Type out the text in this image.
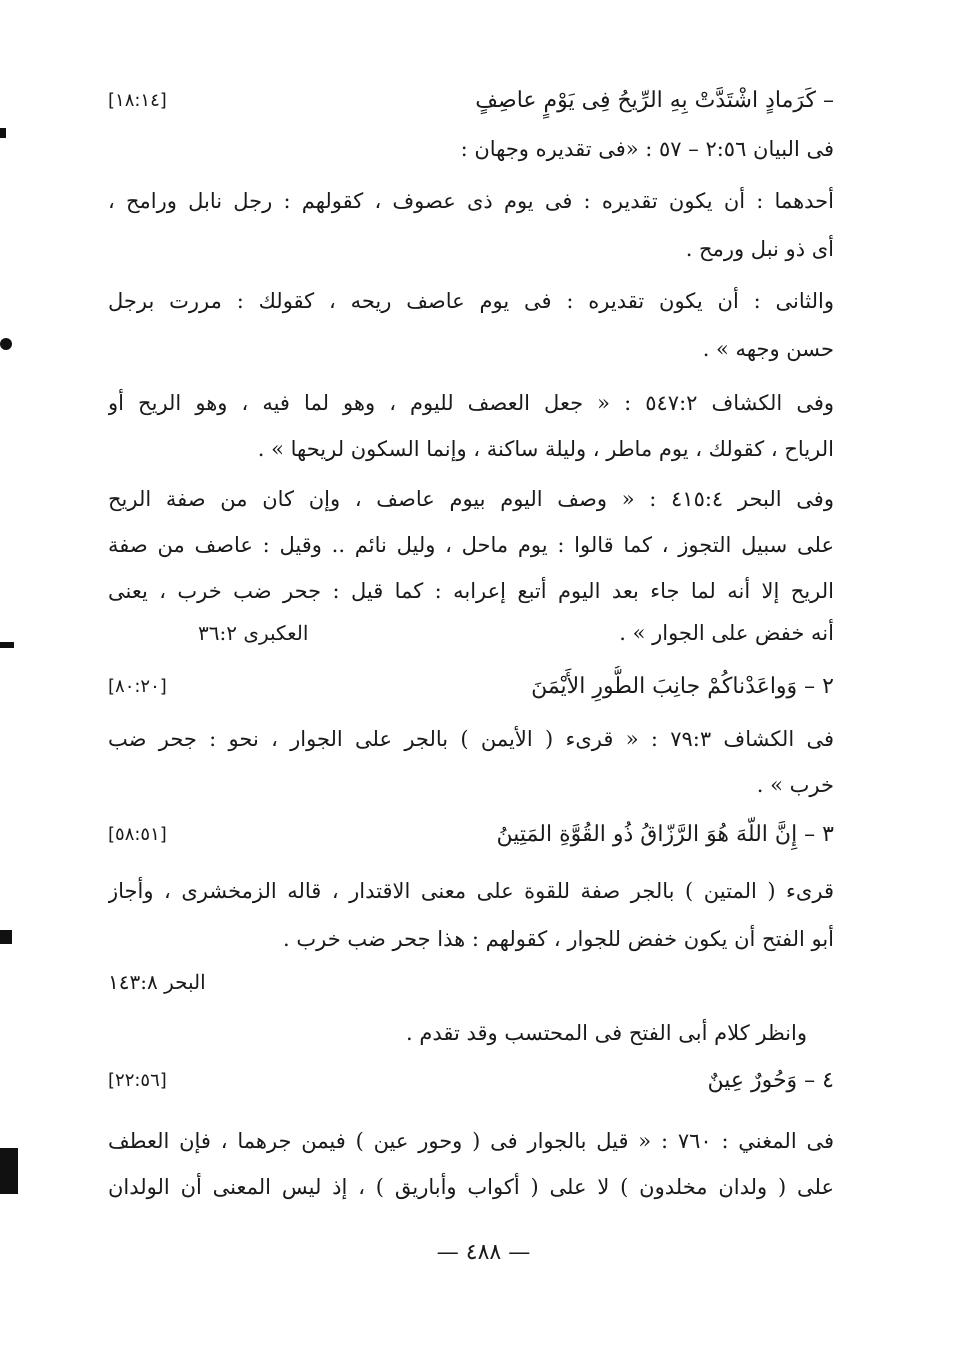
– كَرَمادٍ اشْتَدَّتْ بِهِ الرِّيحُ فِى يَوْمٍ عاصِفٍ
[١٨:١٤]
فى البيان ٢:٥٦ – ٥٧ : «فى تقديره وجهان :
أحدهما : أن يكون تقديره : فى يوم ذى عصوف ، كقولهم : رجل نابل ورامح ،
أى ذو نبل ورمح .
والثانى : أن يكون تقديره : فى يوم عاصف ريحه ، كقولك : مررت برجل
حسن وجهه » .
وفى الكشاف ٥٤٧:٢ : « جعل العصف لليوم ، وهو لما فيه ، وهو الريح أو
الرياح ، كقولك ، يوم ماطر ، وليلة ساكنة ، وإنما السكون لريحها » .
وفى البحر ٤١٥:٤ : « وصف اليوم بيوم عاصف ، وإن كان من صفة الريح
على سبيل التجوز ، كما قالوا : يوم ماحل ، وليل نائم .. وقيل : عاصف من صفة
الريح إلا أنه لما جاء بعد اليوم أتبع إعرابه : كما قيل : جحر ضب خرب ، يعنى
أنه خفض على الجوار » .
العكبرى ٣٦:٢
٢ – وَواعَدْناكُمْ جانِبَ الطُّورِ الأَيْمَنَ
[٨٠:٢٠]
فى الكشاف ٧٩:٣ : « قرىء ( الأيمن ) بالجر على الجوار ، نحو : جحر ضب
خرب » .
٣ – إِنَّ اللّهَ هُوَ الرَّزّاقُ ذُو القُوَّةِ المَتِينُ
[٥٨:٥١]
قرىء ( المتين ) بالجر صفة للقوة على معنى الاقتدار ، قاله الزمخشرى ، وأجاز
أبو الفتح أن يكون خفض للجوار ، كقولهم : هذا جحر ضب خرب .
البحر ١٤٣:٨
وانظر كلام أبى الفتح فى المحتسب وقد تقدم .
٤ – وَحُورٌ عِينٌ
[٢٢:٥٦]
فى المغني : ٧٦٠ : « قيل بالجوار فى ( وحور عين ) فيمن جرهما ، فإن العطف
على ( ولدان مخلدون ) لا على ( أكواب وأباريق ) ، إذ ليس المعنى أن الولدان
— ٤٨٨ —
